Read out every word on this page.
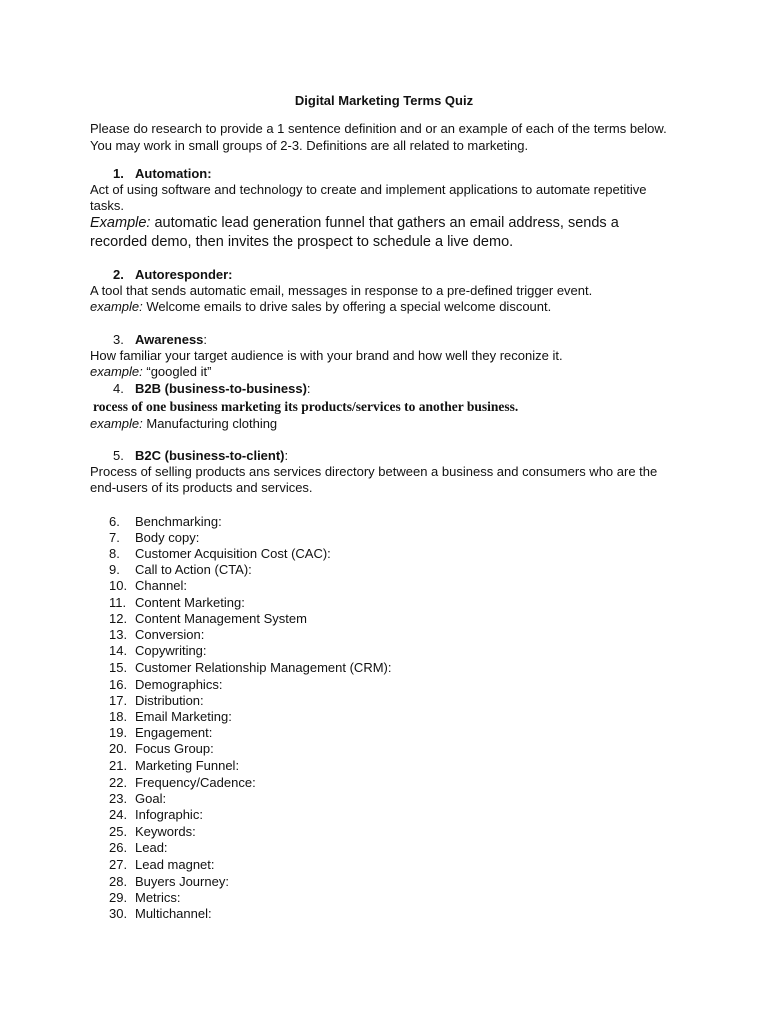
Digital Marketing Terms Quiz
Please do research to provide a 1 sentence definition and or an example of each of the terms below. You may work in small groups of 2-3. Definitions are all related to marketing.
1. Automation:
Act of using software and technology to create and implement applications to automate repetitive tasks.
Example: automatic lead generation funnel that gathers an email address, sends a recorded demo, then invites the prospect to schedule a live demo.
2. Autoresponder:
A tool that sends automatic email, messages in response to a pre-defined trigger event.
example: Welcome emails to drive sales by offering a special welcome discount.
3. Awareness:
How familiar your target audience is with your brand and how well they reconize it.
example: “googled it”
4. B2B (business-to-business):
rocess of one business marketing its products/services to another business.
example: Manufacturing clothing
5. B2C (business-to-client):
Process of selling products ans services directory between a business and consumers who are the end-users of its products and services.
6.	Benchmarking:
7.	Body copy:
8.	Customer Acquisition Cost (CAC):
9.	Call to Action (CTA):
10. Channel:
11. Content Marketing:
12. Content Management System
13. Conversion:
14. Copywriting:
15. Customer Relationship Management (CRM):
16. Demographics:
17. Distribution:
18. Email Marketing:
19. Engagement:
20. Focus Group:
21. Marketing Funnel:
22. Frequency/Cadence:
23. Goal:
24. Infographic:
25. Keywords:
26. Lead:
27. Lead magnet:
28. Buyers Journey:
29. Metrics:
30. Multichannel:
